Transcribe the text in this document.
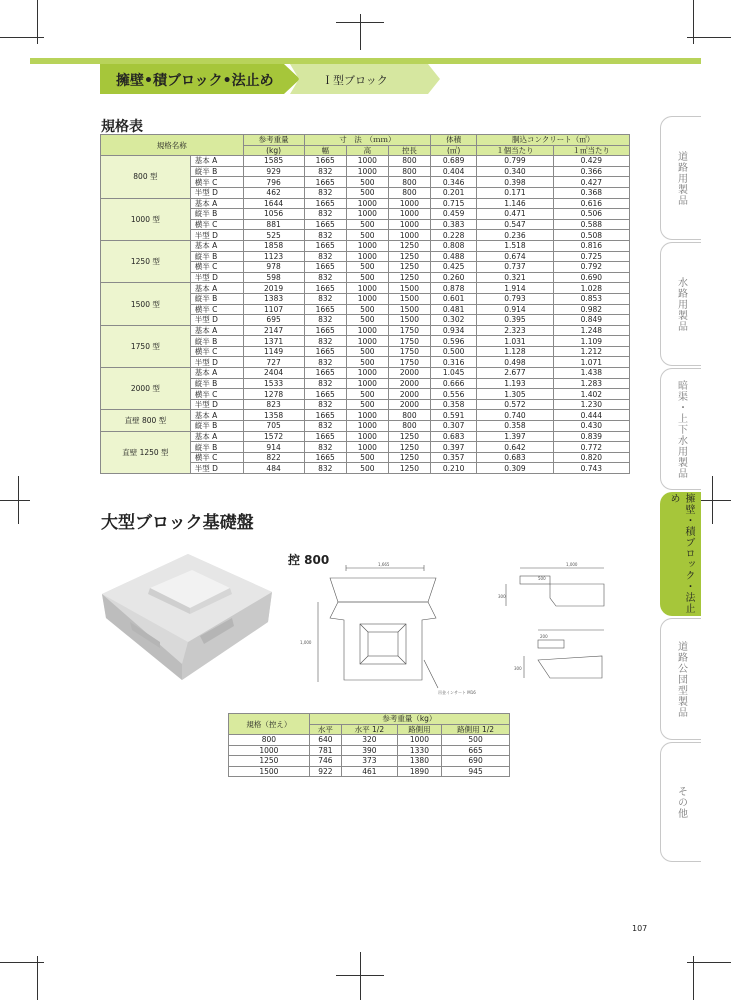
擁壁•積ブロック•法止め	Ｉ型ブロック
規格表
規格名称		参考重量	寸　法　（ｍｍ）			体積	胴込コンクリート（㎥）	
		(kg)	幅	高	控長	(㎥)	１個当たり	１㎡当たり
800 型	基本 A	1585	1665	1000	800	0.689	0.799	0.429
	縦半 B	929	832	1000	800	0.404	0.340	0.366
	横半 C	796	1665	500	800	0.346	0.398	0.427
	半型 D	462	832	500	800	0.201	0.171	0.368
1000 型	基本 A	1644	1665	1000	1000	0.715	1.146	0.616
	縦半 B	1056	832	1000	1000	0.459	0.471	0.506
	横半 C	881	1665	500	1000	0.383	0.547	0.588
	半型 D	525	832	500	1000	0.228	0.236	0.508
1250 型	基本 A	1858	1665	1000	1250	0.808	1.518	0.816
	縦半 B	1123	832	1000	1250	0.488	0.674	0.725
	横半 C	978	1665	500	1250	0.425	0.737	0.792
	半型 D	598	832	500	1250	0.260	0.321	0.690
1500 型	基本 A	2019	1665	1000	1500	0.878	1.914	1.028
	縦半 B	1383	832	1000	1500	0.601	0.793	0.853
	横半 C	1107	1665	500	1500	0.481	0.914	0.982
	半型 D	695	832	500	1500	0.302	0.395	0.849
1750 型	基本 A	2147	1665	1000	1750	0.934	2.323	1.248
	縦半 B	1371	832	1000	1750	0.596	1.031	1.109
	横半 C	1149	1665	500	1750	0.500	1.128	1.212
	半型 D	727	832	500	1750	0.316	0.498	1.071
2000 型	基本 A	2404	1665	1000	2000	1.045	2.677	1.438
	縦半 B	1533	832	1000	2000	0.666	1.193	1.283
	横半 C	1278	1665	500	2000	0.556	1.305	1.402
	半型 D	823	832	500	2000	0.358	0.572	1.230
直壁 800 型	基本 A	1358	1665	1000	800	0.591	0.740	0.444
	縦半 B	705	832	1000	800	0.307	0.358	0.430
直壁 1250 型	基本 A	1572	1665	1000	1250	0.683	1.397	0.839
	縦半 B	914	832	1000	1250	0.397	0.642	0.772
	横半 C	822	1665	500	1250	0.357	0.683	0.820
	半型 D	484	832	500	1250	0.210	0.309	0.743
大型ブロック基礎盤
控 800	1,665
1,000
300
500
1,000
300
200
吊金インサート M16
規格（控え）	参考重量（kg）			
	水平	水平 1/2	路側用	路側用 1/2
800	640	320	1000	500
1000	781	390	1330	665
1250	746	373	1380	690
1500	922	461	1890	945
道路用製品
水路用製品
暗渠・上下水用製品
擁壁・積ブロック・法止め
道路公団型製品
その他
107
